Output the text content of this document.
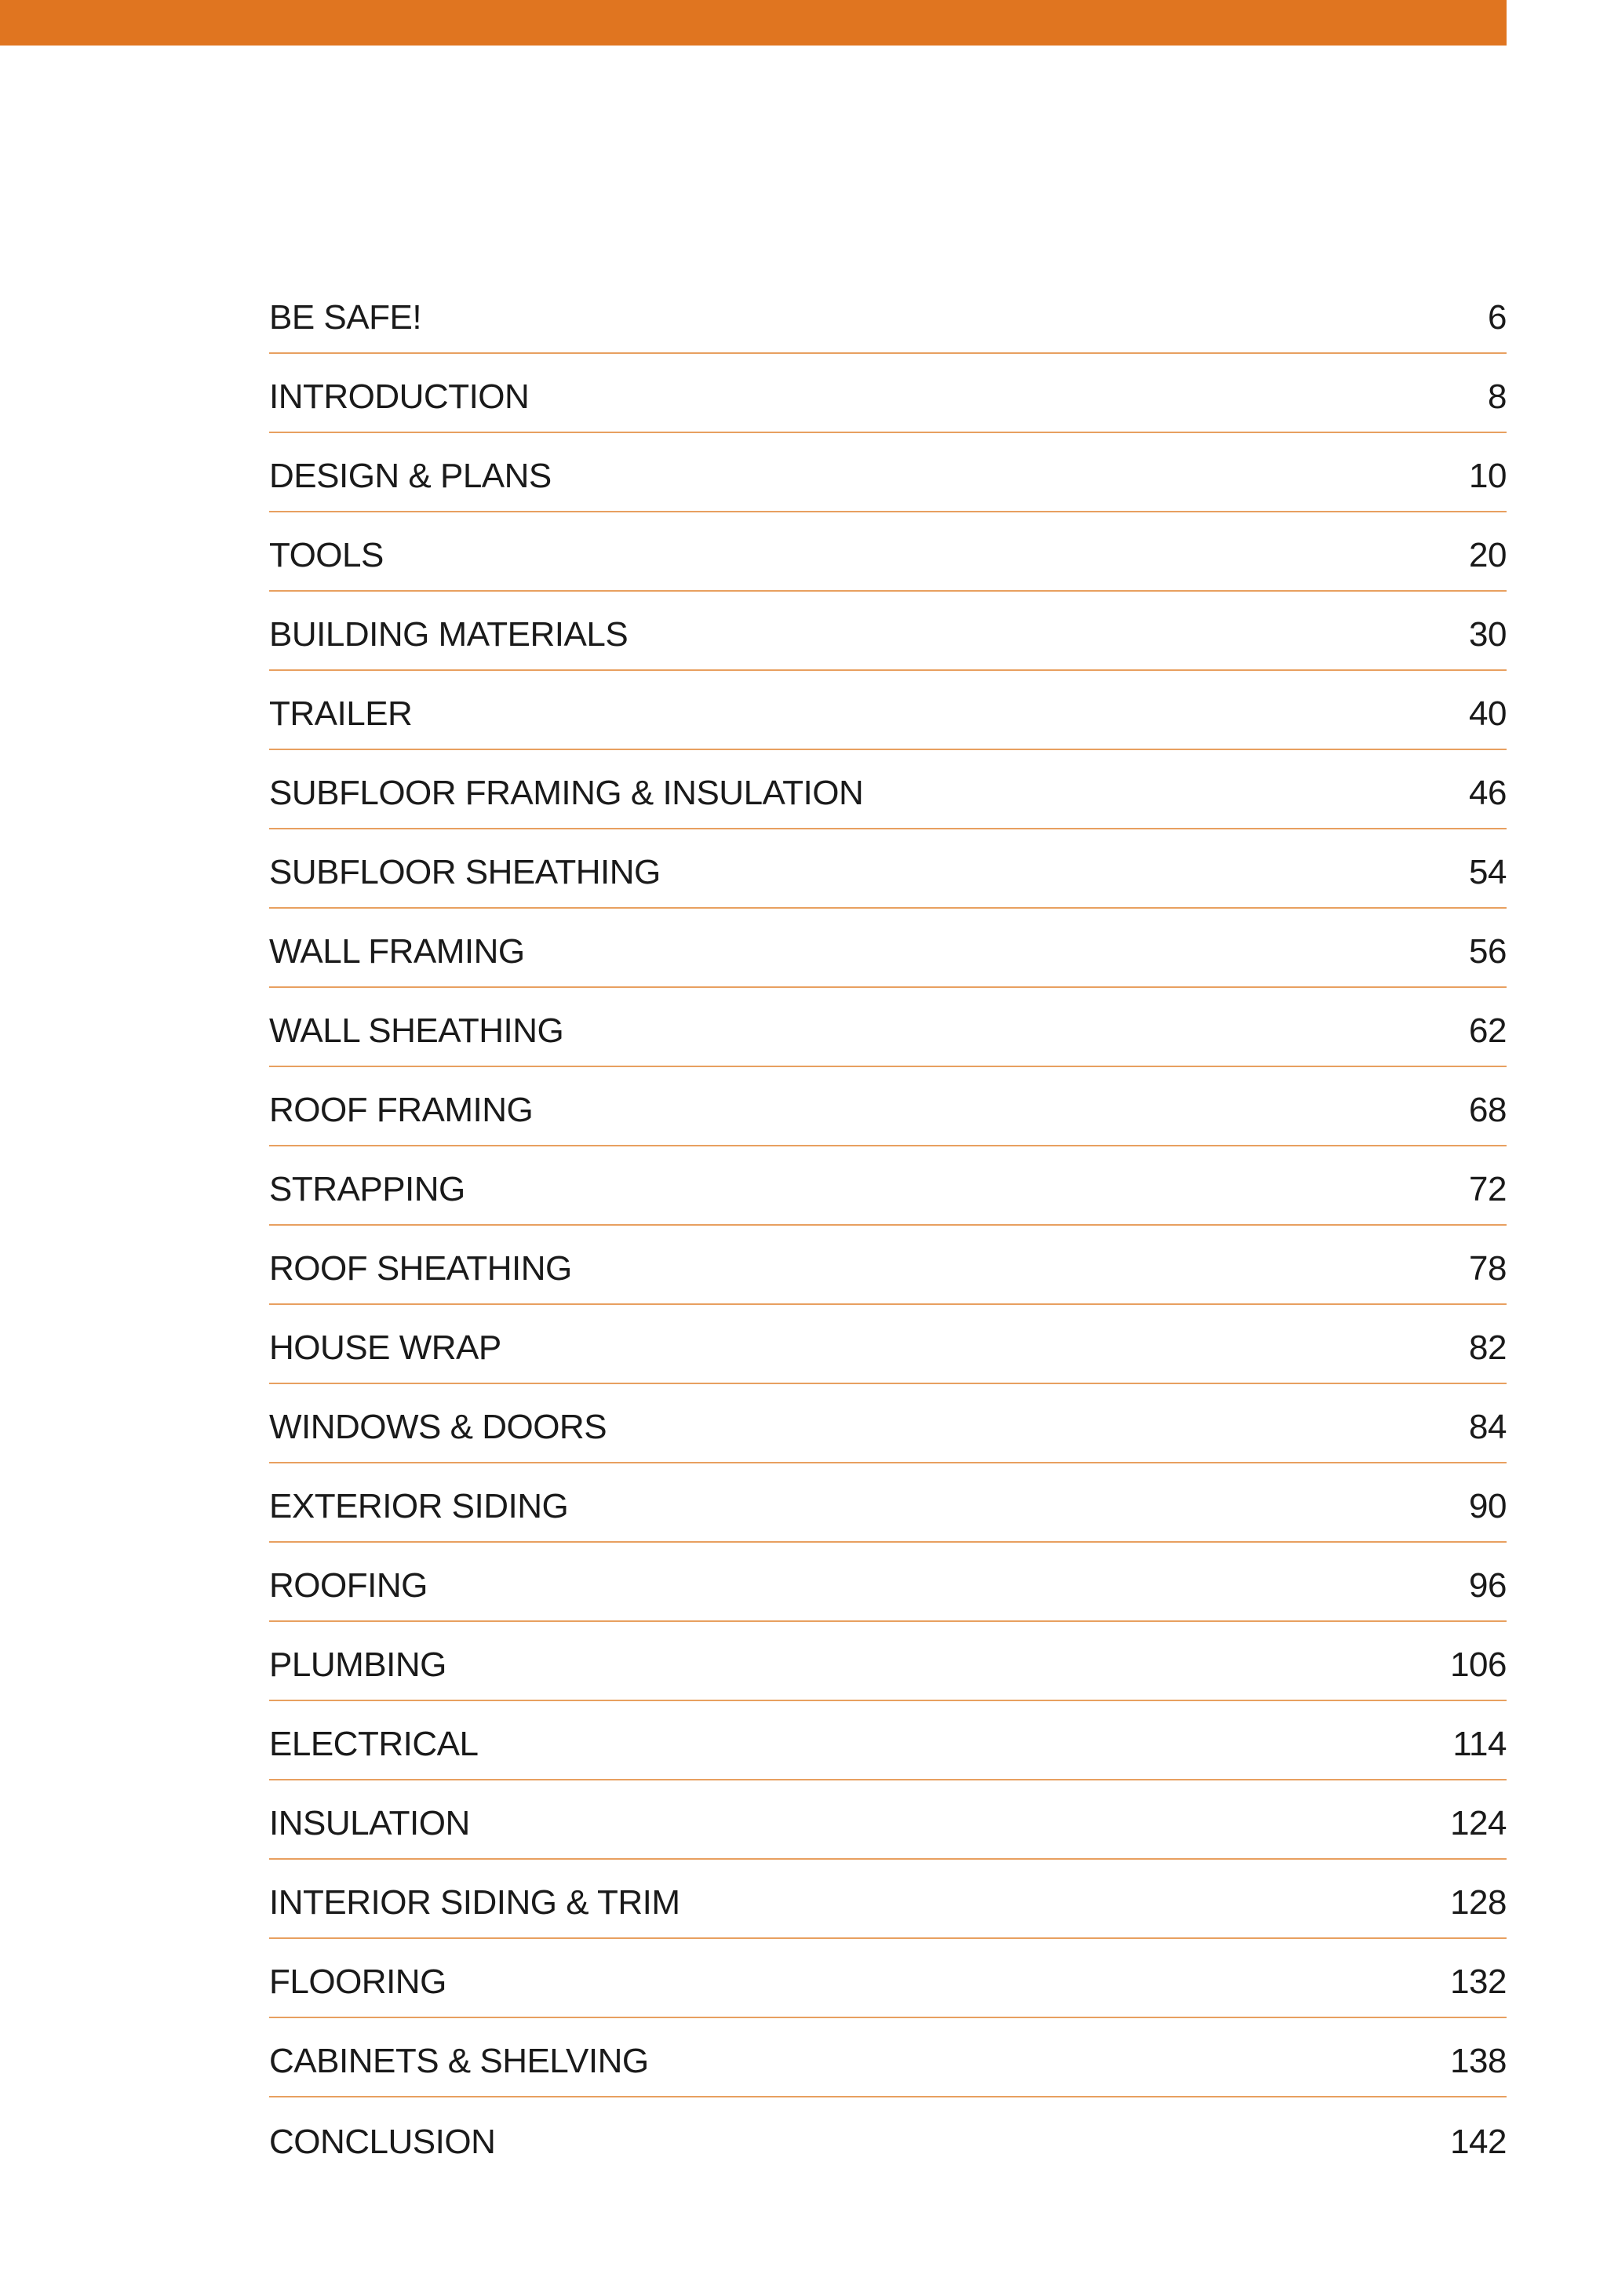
BE SAFE!	6
INTRODUCTION	8
DESIGN & PLANS	10
TOOLS	20
BUILDING MATERIALS	30
TRAILER	40
SUBFLOOR FRAMING & INSULATION	46
SUBFLOOR SHEATHING	54
WALL FRAMING	56
WALL SHEATHING	62
ROOF FRAMING	68
STRAPPING	72
ROOF SHEATHING	78
HOUSE WRAP	82
WINDOWS & DOORS	84
EXTERIOR SIDING	90
ROOFING	96
PLUMBING	106
ELECTRICAL	114
INSULATION	124
INTERIOR SIDING & TRIM	128
FLOORING	132
CABINETS & SHELVING	138
CONCLUSION	142
